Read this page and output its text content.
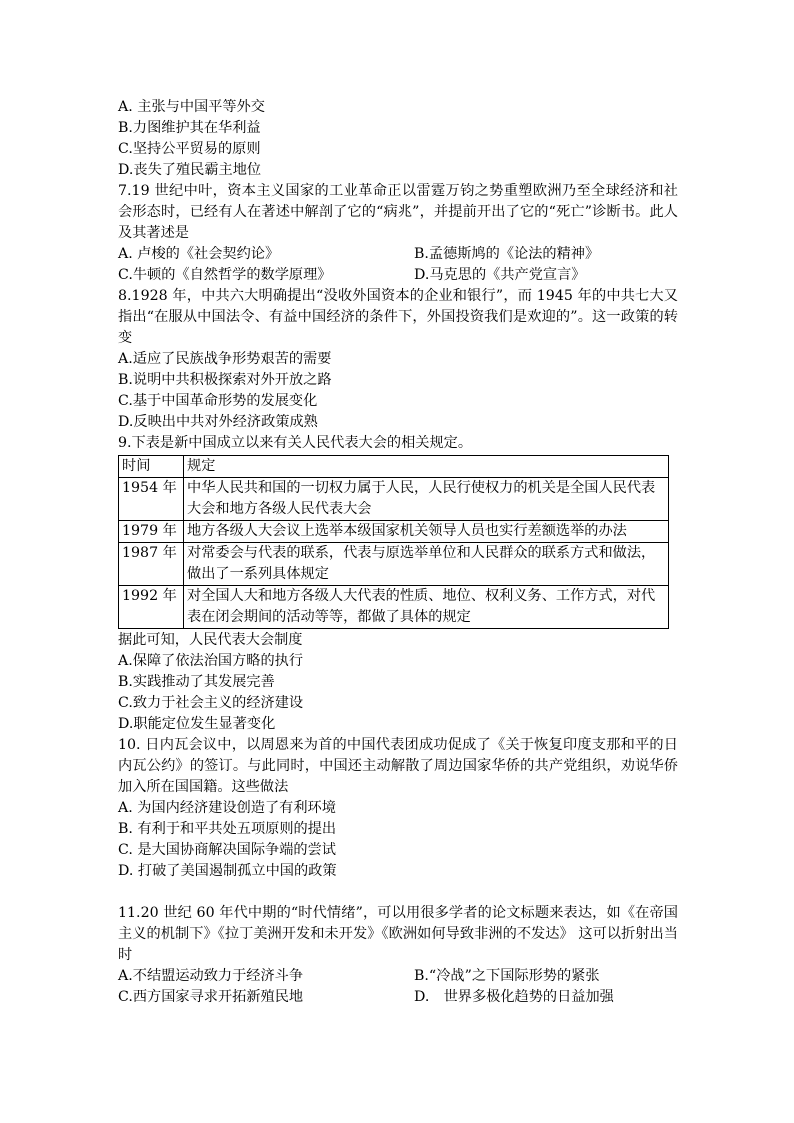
A. 主张与中国平等外交
B.力图维护其在华利益
C.坚持公平贸易的原则
D.丧失了殖民霸主地位
7.19 世纪中叶，资本主义国家的工业革命正以雷霆万钧之势重塑欧洲乃至全球经济和社会形态时，已经有人在著述中解剖了它的“病兆”，并提前开出了它的“死亡”诊断书。此人及其著述是
A. 卢梭的《社会契约论》	B.孟德斯鸠的《论法的精神》
C.牛顿的《自然哲学的数学原理》	D.马克思的《共产党宣言》
8.1928 年，中共六大明确提出“没收外国资本的企业和银行”，而 1945 年的中共七大又指出“在服从中国法令、有益中国经济的条件下，外国投资我们是欢迎的”。这一政策的转变
A.适应了民族战争形势艰苦的需要
B.说明中共积极探索对外开放之路
C.基于中国革命形势的发展变化
D.反映出中共对外经济政策成熟
9.下表是新中国成立以来有关人民代表大会的相关规定。
时间	规定
1954 年	中华人民共和国的一切权力属于人民，人民行使权力的机关是全国人民代表大会和地方各级人民代表大会
1979 年	地方各级人大会议上选举本级国家机关领导人员也实行差额选举的办法
1987 年	对常委会与代表的联系，代表与原选举单位和人民群众的联系方式和做法，做出了一系列具体规定
1992 年	对全国人大和地方各级人大代表的性质、地位、权利义务、工作方式，对代表在闭会期间的活动等等，都做了具体的规定
据此可知，人民代表大会制度
A.保障了依法治国方略的执行
B.实践推动了其发展完善
C.致力于社会主义的经济建设
D.职能定位发生显著变化
10. 日内瓦会议中，以周恩来为首的中国代表团成功促成了《关于恢复印度支那和平的日内瓦公约》的签订。与此同时，中国还主动解散了周边国家华侨的共产党组织，劝说华侨加入所在国国籍。这些做法
A. 为国内经济建设创造了有利环境
B. 有利于和平共处五项原则的提出
C. 是大国协商解决国际争端的尝试
D. 打破了美国遏制孤立中国的政策
11.20 世纪 60 年代中期的“时代情绪”，可以用很多学者的论文标题来表达，如《在帝国主义的机制下》《拉丁美洲开发和未开发》《欧洲如何导致非洲的不发达》 这可以折射出当时
A.不结盟运动致力于经济斗争	B.“冷战”之下国际形势的紧张
C.西方国家寻求开拓新殖民地	D.　世界多极化趋势的日益加强
